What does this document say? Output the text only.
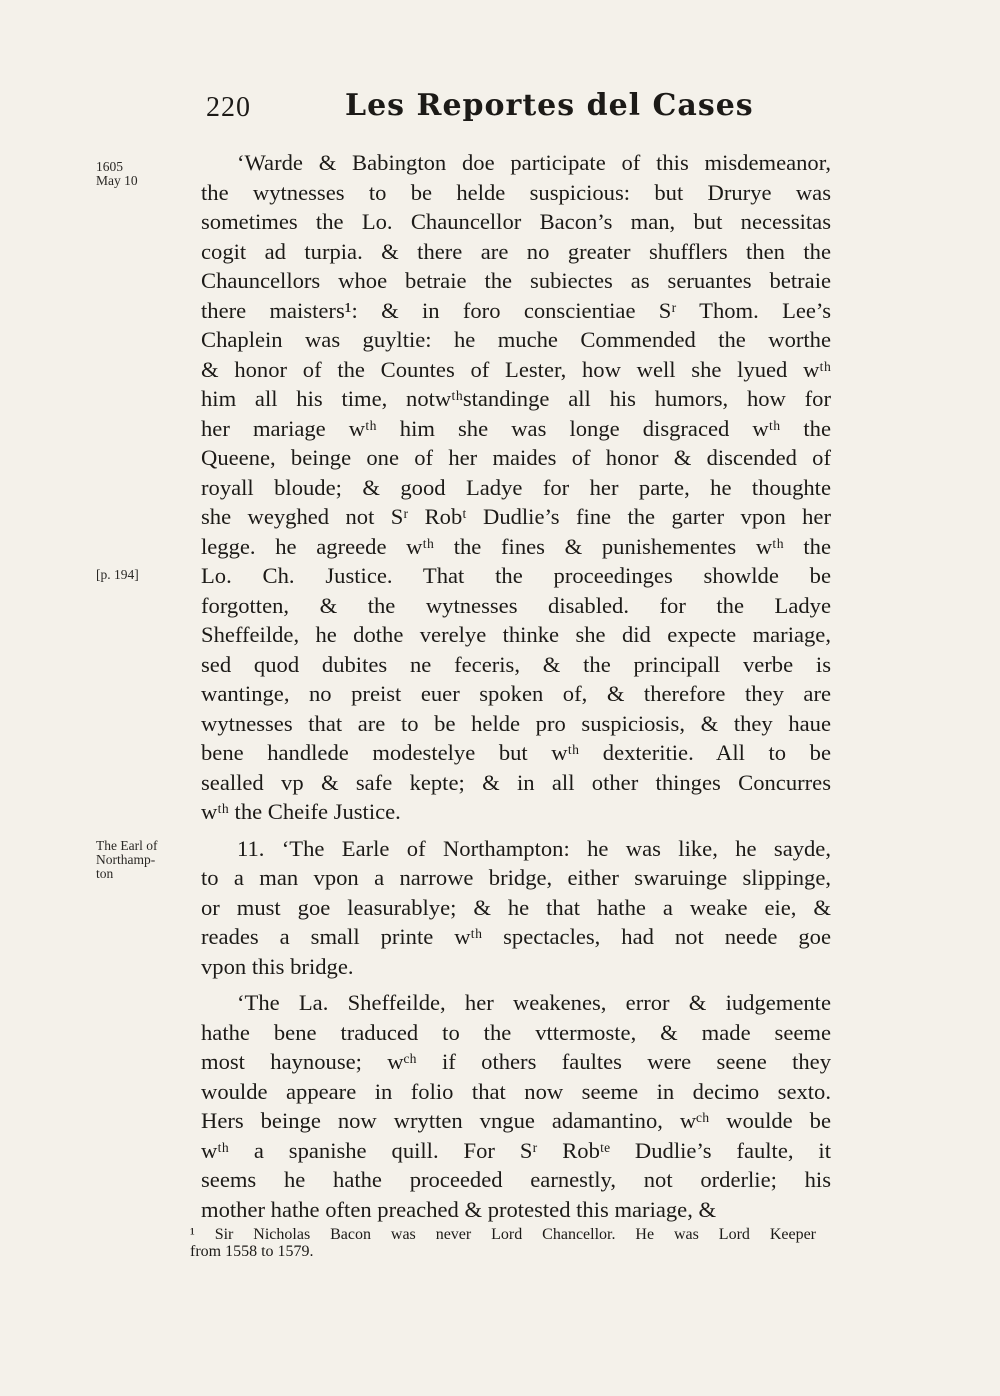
220	Les Reportes del Cases
1605
May 10
[p. 194]
The Earl of
Northamp-
ton
‘Warde & Babington doe participate of this misdemeanor,
the wytnesses to be helde suspicious: but Drurye was
sometimes the Lo. Chauncellor Bacon’s man, but necessitas
cogit ad turpia. & there are no greater shufflers then the
Chauncellors whoe betraie the subiectes as seruantes betraie
there maisters¹: & in foro conscientiae Sʳ Thom. Lee’s
Chaplein was guyltie: he muche Commended the worthe
& honor of the Countes of Lester, how well she lyued wᵗʰ
him all his time, notwᵗʰstandinge all his humors, how for
her mariage wᵗʰ him she was longe disgraced wᵗʰ the
Queene, beinge one of her maides of honor & discended of
royall bloude; & good Ladye for her parte, he thoughte
she weyghed not Sʳ Robᵗ Dudlie’s fine the garter vpon her
legge. he agreede wᵗʰ the fines & punishementes wᵗʰ the
Lo. Ch. Justice. That the proceedinges showlde be
forgotten, & the wytnesses disabled. for the Ladye
Sheffeilde, he dothe verelye thinke she did expecte mariage,
sed quod dubites ne feceris, & the principall verbe is
wantinge, no preist euer spoken of, & therefore they are
wytnesses that are to be helde pro suspiciosis, & they haue
bene handlede modestelye but wᵗʰ dexteritie. All to be
sealled vp & safe kepte; & in all other thinges Concurres
wᵗʰ the Cheife Justice.
11. ‘The Earle of Northampton: he was like, he sayde,
to a man vpon a narrowe bridge, either swaruinge slippinge,
or must goe leasurablye; & he that hathe a weake eie, &
reades a small printe wᵗʰ spectacles, had not neede goe
vpon this bridge.
‘The La. Sheffeilde, her weakenes, error & iudgemente
hathe bene traduced to the vttermoste, & made seeme
most haynouse; wᶜʰ if others faultes were seene they
woulde appeare in folio that now seeme in decimo sexto.
Hers beinge now wrytten vngue adamantino, wᶜʰ woulde be
wᵗʰ a spanishe quill. For Sʳ Robᵗᵉ Dudlie’s faulte, it
seems he hathe proceeded earnestly, not orderlie; his
mother hathe often preached & protested this mariage, &
¹ Sir Nicholas Bacon was never Lord Chancellor. He was Lord Keeper
from 1558 to 1579.
